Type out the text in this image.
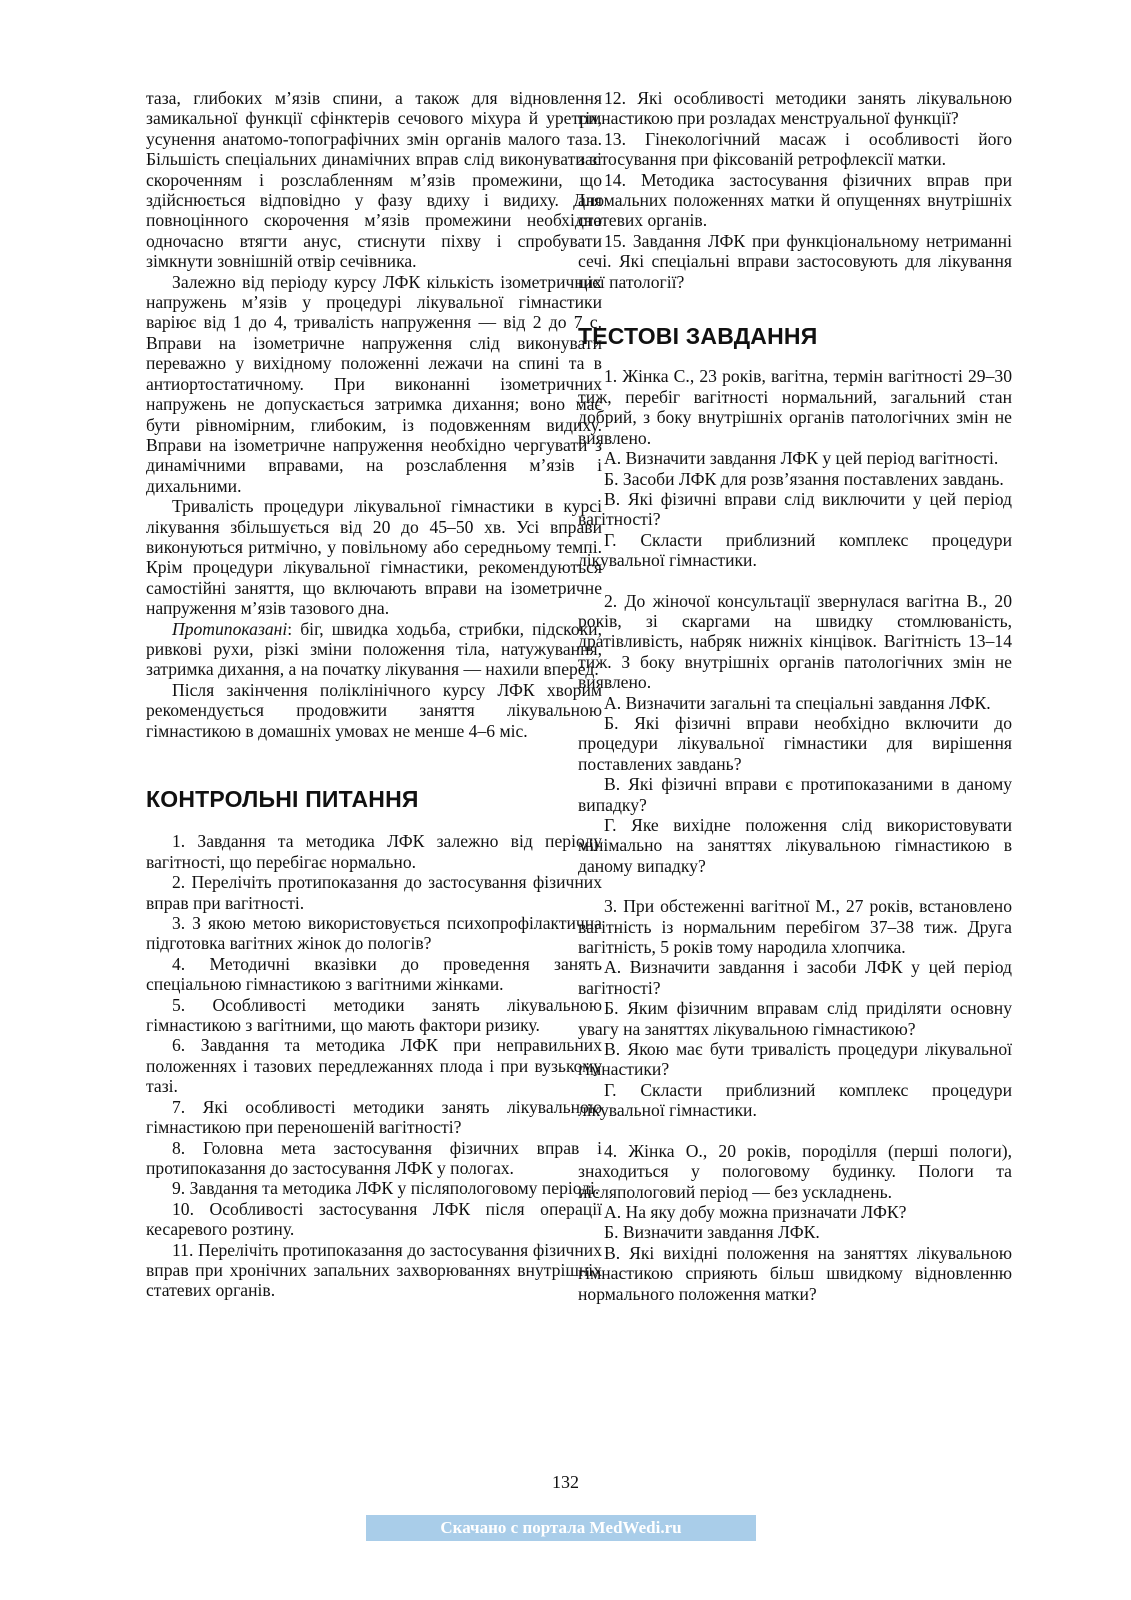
таза, глибоких м’язів спини, а також для відновлення замикальної функції сфінктерів сечового міхура й уретри, усунення анатомо-топографічних змін органів малого таза. Більшість спеціальних динамічних вправ слід виконувати зі скороченням і розслабленням м’язів промежини, що здійснюється відповідно у фазу вдиху і видиху. Для повноцінного скорочення м’язів промежини необхідно одночасно втягти анус, стиснути піхву і спробувати зімкнути зовнішній отвір сечівника.

Залежно від періоду курсу ЛФК кількість ізометричних напружень м’язів у процедурі лікувальної гімнастики варіює від 1 до 4, тривалість напруження — від 2 до 7 с. Вправи на ізометричне напруження слід виконувати переважно у вихідному положенні лежачи на спині та в антиортостатичному. При виконанні ізометричних напружень не допускається затримка дихання; воно має бути рівномірним, глибоким, із подовженням видиху. Вправи на ізометричне напруження необхідно чергувати з динамічними вправами, на розслаблення м’язів і дихальними.

Тривалість процедури лікувальної гімнастики в курсі лікування збільшується від 20 до 45–50 хв. Усі вправи виконуються ритмічно, у повільному або середньому темпі. Крім процедури лікувальної гімнастики, рекомендуються самостійні заняття, що включають вправи на ізометричне напруження м’язів тазового дна.

Протипоказані: біг, швидка ходьба, стрибки, підскоки, ривкові рухи, різкі зміни положення тіла, натужування, затримка дихання, а на початку лікування — нахили вперед.

Після закінчення поліклінічного курсу ЛФК хворим рекомендується продовжити заняття лікувальною гімнастикою в домашніх умовах не менше 4–6 міс.

КОНТРОЛЬНІ ПИТАННЯ

1. Завдання та методика ЛФК залежно від періоду вагітності, що перебігає нормально.

2. Перелічіть протипоказання до застосування фізичних вправ при вагітності.

3. З якою метою використовується психопрофілактична підготовка вагітних жінок до пологів?

4. Методичні вказівки до проведення занять спеціальною гімнастикою з вагітними жінками.

5. Особливості методики занять лікувальною гімнастикою з вагітними, що мають фактори ризику.

6. Завдання та методика ЛФК при неправильних положеннях і тазових передлежаннях плода і при вузькому тазі.

7. Які особливості методики занять лікувальною гімнастикою при переношеній вагітності?

8. Головна мета застосування фізичних вправ і протипоказання до застосування ЛФК у пологах.

9. Завдання та методика ЛФК у післяпологовому періоді.

10. Особливості застосування ЛФК після операції кесаревого розтину.

11. Перелічіть протипоказання до застосування фізичних вправ при хронічних запальних захворюваннях внутрішніх статевих органів.

12. Які особливості методики занять лікувальною гімнастикою при розладах менструальної функції?

13. Гінекологічний масаж і особливості його застосування при фіксованій ретрофлексії матки.

14. Методика застосування фізичних вправ при аномальних положеннях матки й опущеннях внутрішніх статевих органів.

15. Завдання ЛФК при функціональному нетриманні сечі. Які спеціальні вправи застосовують для лікування цієї патології?

ТЕСТОВІ ЗАВДАННЯ

1. Жінка С., 23 років, вагітна, термін вагітності 29–30 тиж, перебіг вагітності нормальний, загальний стан добрий, з боку внутрішніх органів патологічних змін не виявлено.

А. Визначити завдання ЛФК у цей період вагітності.

Б. Засоби ЛФК для розв’язання поставлених завдань.

В. Які фізичні вправи слід виключити у цей період вагітності?

Г. Скласти приблизний комплекс процедури лікувальної гімнастики.

2. До жіночої консультації звернулася вагітна В., 20 років, зі скаргами на швидку стомлюваність, дратівливість, набряк нижніх кінцівок. Вагітність 13–14 тиж. З боку внутрішніх органів патологічних змін не виявлено.

А. Визначити загальні та спеціальні завдання ЛФК.

Б. Які фізичні вправи необхідно включити до процедури лікувальної гімнастики для вирішення поставлених завдань?

В. Які фізичні вправи є протипоказаними в даному випадку?

Г. Яке вихідне положення слід використовувати мінімально на заняттях лікувальною гімнастикою в даному випадку?

3. При обстеженні вагітної М., 27 років, встановлено вагітність із нормальним перебігом 37–38 тиж. Друга вагітність, 5 років тому народила хлопчика.

А. Визначити завдання і засоби ЛФК у цей період вагітності?

Б. Яким фізичним вправам слід приділяти основну увагу на заняттях лікувальною гімнастикою?

В. Якою має бути тривалість процедури лікувальної гімнастики?

Г. Скласти приблизний комплекс процедури лікувальної гімнастики.

4. Жінка О., 20 років, породілля (перші пологи), знаходиться у пологовому будинку. Пологи та післяпологовий період — без ускладнень.

А. На яку добу можна призначати ЛФК?

Б. Визначити завдання ЛФК.

В. Які вихідні положення на заняттях лікувальною гімнастикою сприяють більш швидкому відновленню нормального положення матки?

132
Скачано с портала MedWedi.ru
